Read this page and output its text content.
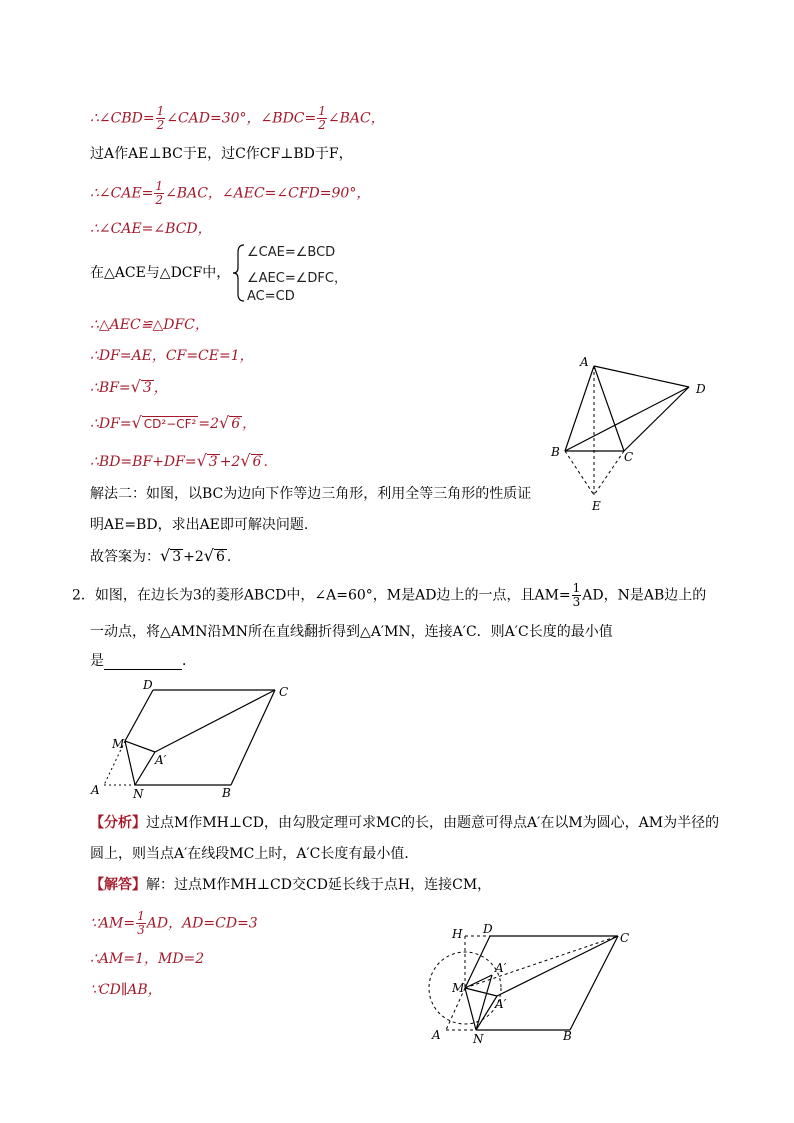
∴∠CBD= $\frac{1}{2}$ ∠CAD=30°，∠BDC= $\frac{1}{2}$ ∠BAC，
过A作AE⊥BC于E，过C作CF⊥BD于F，
∴∠CAE= $\frac{1}{2}$ ∠BAC，∠AEC=∠CFD=90°，
∴∠CAE=∠BCD，
在△ACE与△DCF中，
∠CAE=∠BCD
∠AEC=∠DFC，
AC=CD
∴△AEC≌△DFC，
∴DF=AE，CF=CE=1，
∴BF=√ 3 ，
∴DF=√ CD²−CF² =2√ 6 ，
∴BD=BF+DF=√ 3 +2√ 6 .
解法二：如图，以BC为边向下作等边三角形，利用全等三角形的性质证
明AE=BD，求出AE即可解决问题.
故答案为：√ 3 +2√ 6 .
A
B	C
D
E
2．如图，在边长为3的菱形ABCD中，∠A=60°，M是AD边上的一点，且$AM= \frac{1}{3}$ AD，N是AB边上的
一动点，将△AMN沿MN所在直线翻折得到△A′MN，连接A′C．则A′C长度的最小值
是	．
D	C
M
A′
A	N	B
【分析】过点M作MH⊥CD，由勾股定理可求MC的长，由题意可得点A′在以M为圆心，AM为半径的
圆上，则当点A′在线段MC上时，A′C长度有最小值．
【解答】解：过点M作MH⊥CD交CD延长线于点H，连接CM，
∵AM= $\frac{1}{3}$ AD，AD=CD=3
∴AM=1，MD=2
∵CD∥AB，
H D
C
A′
M
A′
A	N	B
